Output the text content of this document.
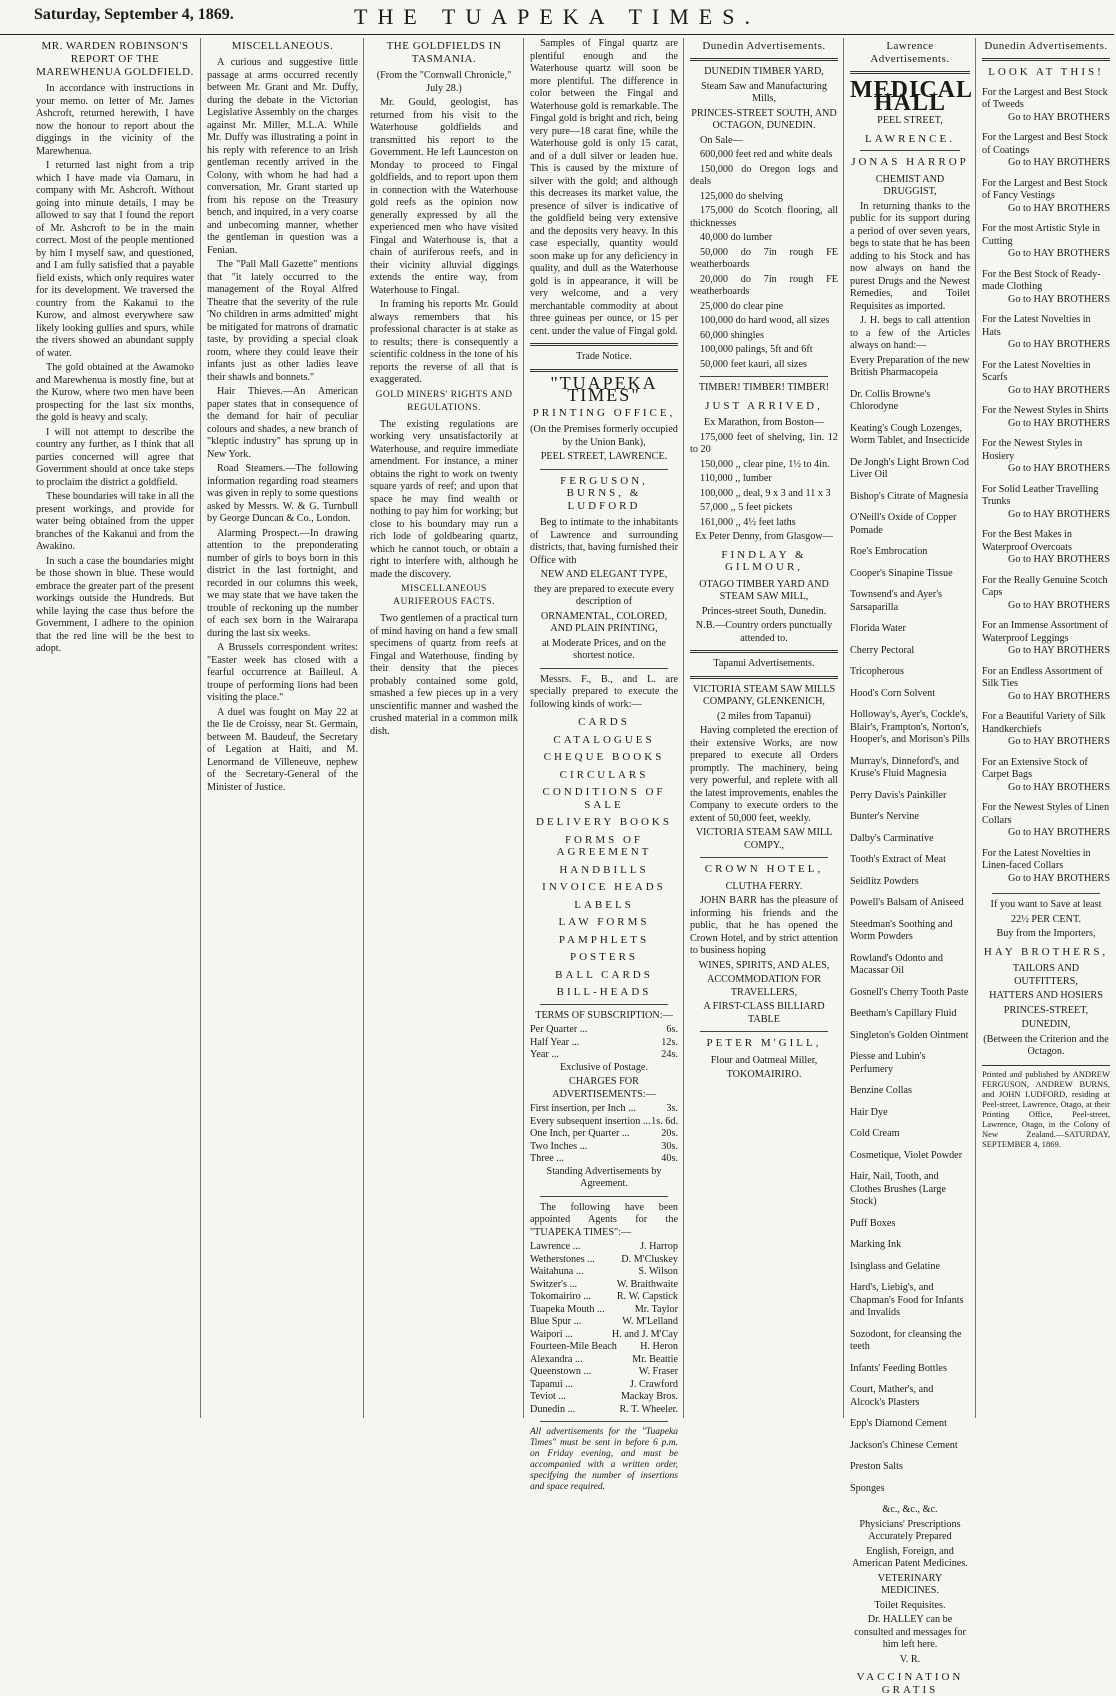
Saturday, September 4, 1869.	THE TUAPEKA TIMES.
MR. WARDEN ROBINSON'S REPORT OF THE MAREWHENUA GOLDFIELD.

In accordance with instructions in your memo. on letter of Mr. James Ashcroft, returned herewith, I have now the honour to report about the diggings in the vicinity of the Marewhenua.

I returned last night from a trip which I have made via Oamaru, in company with Mr. Ashcroft. Without going into minute details, I may be allowed to say that I found the report of Mr. Ashcroft to be in the main correct. Most of the people mentioned by him I myself saw, and questioned, and I am fully satisfied that a payable field exists, which only requires water for its development. We traversed the country from the Kakanui to the Kurow, and almost everywhere saw likely looking gullies and spurs, while the rivers showed an abundant supply of water.

The gold obtained at the Awamoko and Marewhenua is mostly fine, but at the Kurow, where two men have been prospecting for the last six months, the gold is heavy and scaly.

I will not attempt to describe the country any further, as I think that all parties concerned will agree that Government should at once take steps to proclaim the district a goldfield.

These boundaries will take in all the present workings, and provide for water being obtained from the upper branches of the Kakanui and from the Awakino.

In such a case the boundaries might be those shown in blue. These would embrace the greater part of the present workings outside the Hundreds. But while laying the case thus before the Government, I adhere to the opinion that the red line will be the best to adopt.

MISCELLANEOUS.

A curious and suggestive little passage at arms occurred recently between Mr. Grant and Mr. Duffy, during the debate in the Victorian Legislative Assembly on the charges against Mr. Miller, M.L.A. While Mr. Duffy was illustrating a point in his reply with reference to an Irish gentleman recently arrived in the Colony, with whom he had had a conversation, Mr. Grant started up from his repose on the Treasury bench, and inquired, in a very coarse and unbecoming manner, whether the gentleman in question was a Fenian.

The "Pall Mall Gazette" mentions that "it lately occurred to the management of the Royal Alfred Theatre that the severity of the rule 'No children in arms admitted' might be mitigated for matrons of dramatic taste, by providing a special cloak room, where they could leave their infants just as other ladies leave their shawls and bonnets."

Hair Thieves.—An American paper states that in consequence of the demand for hair of peculiar colours and shades, a new branch of "kleptic industry" has sprung up in New York.

Road Steamers.—The following information regarding road steamers was given in reply to some questions asked by Messrs. W. & G. Turnbull by George Duncan & Co., London.

Alarming Prospect.—In drawing attention to the preponderating number of girls to boys born in this district in the last fortnight, and recorded in our columns this week, we may state that we have taken the trouble of reckoning up the number of each sex born in the Wairarapa during the last six weeks.

A Brussels correspondent writes: "Easter week has closed with a fearful occurrence at Bailleul. A troupe of performing lions had been visiting the place."

A duel was fought on May 22 at the Ile de Croissy, near St. Germain, between M. Baudeuf, the Secretary of Legation at Haiti, and M. Lenormand de Villeneuve, nephew of the Secretary-General of the Minister of Justice.

THE GOLDFIELDS IN TASMANIA.

(From the "Cornwall Chronicle," July 28.)

Mr. Gould, geologist, has returned from his visit to the Waterhouse goldfields and transmitted his report to the Government. He left Launceston on Monday to proceed to Fingal goldfields, and to report upon them in connection with the Waterhouse gold reefs as the opinion now generally expressed by all the experienced men who have visited Fingal and Waterhouse is, that a chain of auriferous reefs, and in their vicinity alluvial diggings extends the entire way, from Waterhouse to Fingal.

In framing his reports Mr. Gould always remembers that his professional character is at stake as to results; there is consequently a scientific coldness in the tone of his reports the reverse of all that is exaggerated.

GOLD MINERS' RIGHTS AND REGULATIONS.

The existing regulations are working very unsatisfactorily at Waterhouse, and require immediate amendment. For instance, a miner obtains the right to work on twenty square yards of reef; and upon that space he may find wealth or nothing to pay him for working; but close to his boundary may run a rich lode of goldbearing quartz, which he cannot touch, or obtain a right to interfere with, although he made the discovery.

MISCELLANEOUS AURIFEROUS FACTS.

Two gentlemen of a practical turn of mind having on hand a few small specimens of quartz from reefs at Fingal and Waterhouse, finding by their density that the pieces probably contained some gold, smashed a few pieces up in a very unscientific manner and washed the crushed material in a common milk dish.

Samples of Fingal quartz are plentiful enough and the Waterhouse quartz will soon be more plentiful. The difference in color between the Fingal and Waterhouse gold is remarkable. The Fingal gold is bright and rich, being very pure—18 carat fine, while the Waterhouse gold is only 15 carat, and of a dull silver or leaden hue. This is caused by the mixture of silver with the gold; and although this decreases its market value, the presence of silver is indicative of the goldfield being very extensive and the deposits very heavy. In this case especially, quantity would soon make up for any deficiency in quality, and dull as the Waterhouse gold is in appearance, it will be very welcome, and a very merchantable commodity at about three guineas per ounce, or 15 per cent. under the value of Fingal gold.

Trade Notice.

"TUAPEKA TIMES"

PRINTING OFFICE,

(On the Premises formerly occupied by the Union Bank),

PEEL STREET, LAWRENCE.

FERGUSON, BURNS, & LUDFORD

Beg to intimate to the inhabitants of Lawrence and surrounding districts, that, having furnished their Office with

NEW AND ELEGANT TYPE,

they are prepared to execute every description of

ORNAMENTAL, COLORED, AND PLAIN PRINTING,

at Moderate Prices, and on the shortest notice.

Messrs. F., B., and L. are specially prepared to execute the following kinds of work:—

CARDS

CATALOGUES

CHEQUE BOOKS

CIRCULARS

CONDITIONS OF SALE

DELIVERY BOOKS

FORMS OF AGREEMENT

HANDBILLS

INVOICE HEADS

LABELS

LAW FORMS

PAMPHLETS

POSTERS

BALL CARDS

BILL-HEADS

TERMS OF SUBSCRIPTION:—

Per Quarter ...	6s.
Half Year ...	12s.
Year ...	24s.

Exclusive of Postage.

CHARGES FOR ADVERTISEMENTS:—

First insertion, per Inch ...	3s.
Every subsequent insertion ... 1s. 6d.
One Inch, per Quarter ...	20s.
Two Inches ...	30s.
Three ...	40s.

Standing Advertisements by Agreement.

The following have been appointed Agents for the "TUAPEKA TIMES":—

Lawrence ...	J. Harrop
Wetherstones ...	D. M'Cluskey
Waitahuna ...	S. Wilson
Switzer's ...	W. Braithwaite
Tokomairiro ...	R. W. Capstick
Tuapeka Mouth ...	Mr. Taylor
Blue Spur ...	W. M'Lelland
Waipori ...	H. and J. M'Cay
Fourteen-Mile Beach H. Heron
Alexandra ...	Mr. Beattie
Queenstown ...	W. Fraser
Tapanui ...	J. Crawford
Teviot ...	Mackay Bros.
Dunedin ...	R. T. Wheeler.

All advertisements for the "Tuapeka Times" must be sent in before 6 p.m. on Friday evening, and must be accompanied with a written order, specifying the number of insertions and space required.

Dunedin Advertisements.

DUNEDIN TIMBER YARD,

Steam Saw and Manufacturing Mills,

PRINCES-STREET SOUTH, AND OCTAGON, DUNEDIN.

On Sale—

600,000 feet red and white deals

150,000 do Oregon logs and deals

125,000 do shelving

175,000 do Scotch flooring, all thicknesses

40,000 do lumber

50,000 do 7in rough FE weatherboards

20,000 do 7in rough FE weatherboards

25,000 do clear pine

100,000 do hard wood, all sizes

60,000 shingles

100,000 palings, 5ft and 6ft

50,000 feet kauri, all sizes

TIMBER! TIMBER! TIMBER!

JUST ARRIVED,

Ex Marathon, from Boston—

175,000 feet of shelving, 1in. 12 to 20

150,000 ,, clear pine, 1½ to 4in.

110,000 ,, lumber

100,000 ,, deal, 9 x 3 and 11 x 3

57,000 ,, 5 feet pickets

161,000 ,, 4½ feet laths

Ex Peter Denny, from Glasgow—

FINDLAY & GILMOUR,

OTAGO TIMBER YARD AND STEAM SAW MILL,

Princes-street South, Dunedin.

N.B.—Country orders punctually attended to.

Tapanui Advertisements.

VICTORIA STEAM SAW MILLS COMPANY, GLENKENICH,

(2 miles from Tapanui)

Having completed the erection of their extensive Works, are now prepared to execute all Orders promptly. The machinery, being very powerful, and replete with all the latest improvements, enables the Company to execute orders to the extent of 50,000 feet, weekly.

VICTORIA STEAM SAW MILL COMPY.,

CROWN HOTEL,

CLUTHA FERRY.

JOHN BARR has the pleasure of informing his friends and the public, that he has opened the Crown Hotel, and by strict attention to business hoping

WINES, SPIRITS, AND ALES,

ACCOMMODATION FOR TRAVELLERS,

A FIRST-CLASS BILLIARD TABLE

PETER M'GILL,

Flour and Oatmeal Miller,

TOKOMAIRIRO.

Lawrence Advertisements.
MEDICAL HALL

PEEL STREET,

LAWRENCE.

JONAS HARROP

CHEMIST AND DRUGGIST,

In returning thanks to the public for its support during a period of over seven years, begs to state that he has been adding to his Stock and has now always on hand the purest Drugs and the Newest Remedies, and Toilet Requisites as imported.

J. H. begs to call attention to a few of the Articles always on hand:—

Every Preparation of the new British Pharmacopeia

Dr. Collis Browne's Chlorodyne

Keating's Cough Lozenges, Worm Tablet, and Insecticide

De Jongh's Light Brown Cod Liver Oil

Bishop's Citrate of Magnesia

O'Neill's Oxide of Copper Pomade

Roe's Embrocation

Cooper's Sinapine Tissue

Townsend's and Ayer's Sarsaparilla

Florida Water

Cherry Pectoral

Tricopherous

Hood's Corn Solvent

Holloway's, Ayer's, Cockle's, Blair's, Frampton's, Norton's, Hooper's, and Morison's Pills

Murray's, Dinneford's, and Kruse's Fluid Magnesia

Perry Davis's Painkiller

Bunter's Nervine

Dalby's Carminative

Tooth's Extract of Meat

Seidlitz Powders

Powell's Balsam of Aniseed

Steedman's Soothing and Worm Powders

Rowland's Odonto and Macassar Oil

Gosnell's Cherry Tooth Paste

Beetham's Capillary Fluid

Singleton's Golden Ointment

Piesse and Lubin's Perfumery

Benzine Collas

Hair Dye

Cold Cream

Cosmetique, Violet Powder

Hair, Nail, Tooth, and Clothes Brushes (Large Stock)

Puff Boxes

Marking Ink

Isinglass and Gelatine

Hard's, Liebig's, and Chapman's Food for Infants and Invalids

Sozodont, for cleansing the teeth

Infants' Feeding Bottles

Court, Mather's, and Alcock's Plasters

Epp's Diamond Cement

Jackson's Chinese Cement

Preston Salts

Sponges

&c., &c., &c.

Physicians' Prescriptions Accurately Prepared

English, Foreign, and American Patent Medicines.

VETERINARY MEDICINES.

Toilet Requisites.

Dr. HALLEY can be consulted and messages for him left here.

V. R.

VACCINATION GRATIS

Dunedin Advertisements.

LOOK AT THIS!

For the Largest and Best Stock of Tweeds
Go to HAY BROTHERS
For the Largest and Best Stock of Coatings
Go to HAY BROTHERS
For the Largest and Best Stock of Fancy Vestings
Go to HAY BROTHERS
For the most Artistic Style in Cutting
Go to HAY BROTHERS
For the Best Stock of Ready-made Clothing
Go to HAY BROTHERS
For the Latest Novelties in Hats
Go to HAY BROTHERS
For the Latest Novelties in Scarfs
Go to HAY BROTHERS
For the Newest Styles in Shirts
Go to HAY BROTHERS
For the Newest Styles in Hosiery
Go to HAY BROTHERS
For Solid Leather Travelling Trunks
Go to HAY BROTHERS
For the Best Makes in Waterproof Overcoats
Go to HAY BROTHERS
For the Really Genuine Scotch Caps
Go to HAY BROTHERS
For an Immense Assortment of Waterproof Leggings
Go to HAY BROTHERS
For an Endless Assortment of Silk Ties
Go to HAY BROTHERS
For a Beautiful Variety of Silk Handkerchiefs
Go to HAY BROTHERS
For an Extensive Stock of Carpet Bags
Go to HAY BROTHERS
For the Newest Styles of Linen Collars
Go to HAY BROTHERS
For the Latest Novelties in Linen-faced Collars
Go to HAY BROTHERS

If you want to Save at least

22½ PER CENT.

Buy from the Importers,

HAY BROTHERS,

TAILORS AND OUTFITTERS,

HATTERS AND HOSIERS

PRINCES-STREET,

DUNEDIN,

(Between the Criterion and the Octagon.

Printed and published by ANDREW FERGUSON, ANDREW BURNS, and JOHN LUDFORD, residing at Peel-street, Lawrence, Otago, at their Printing Office, Peel-street, Lawrence, Otago, in the Colony of New Zealand.—SATURDAY, SEPTEMBER 4, 1869.
